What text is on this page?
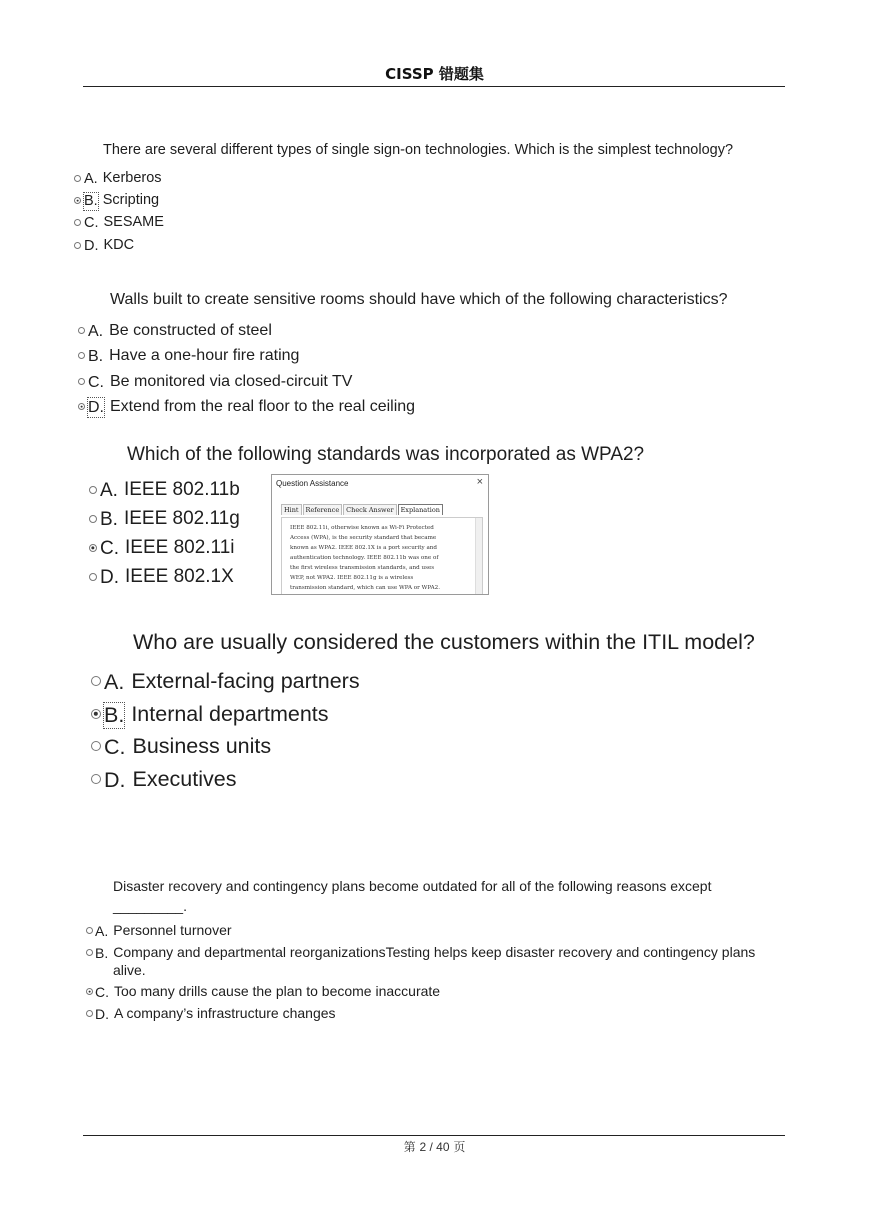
CISSP 错题集
There are several different types of single sign-on technologies. Which is the simplest technology?
A. Kerberos
B. Scripting
C. SESAME
D. KDC
Walls built to create sensitive rooms should have which of the following characteristics?
A. Be constructed of steel
B. Have a one-hour fire rating
C. Be monitored via closed-circuit TV
D. Extend from the real floor to the real ceiling
Which of the following standards was incorporated as WPA2?
A. IEEE 802.11b
B. IEEE 802.11g
C. IEEE 802.11i
D. IEEE 802.1X
Question Assistance	×
Hint	Reference	Check Answer	Explanation
IEEE 802.11i, otherwise known as Wi-Fi Protected
Access (WPA), is the security standard that became
known as WPA2. IEEE 802.1X is a port security and
authentication technology. IEEE 802.11b was one of
the first wireless transmission standards, and uses
WEP, not WPA2. IEEE 802.11g is a wireless
transmission standard, which can use WPA or WPA2.
Who are usually considered the customers within the ITIL model?
A. External-facing partners
B. Internal departments
C. Business units
D. Executives
Disaster recovery and contingency plans become outdated for all of the following reasons except
_________.
A. Personnel turnover
B. Company and departmental reorganizationsTesting helps keep disaster recovery and contingency plans
alive.
C. Too many drills cause the plan to become inaccurate
D. A company’s infrastructure changes
第 2 / 40 页
